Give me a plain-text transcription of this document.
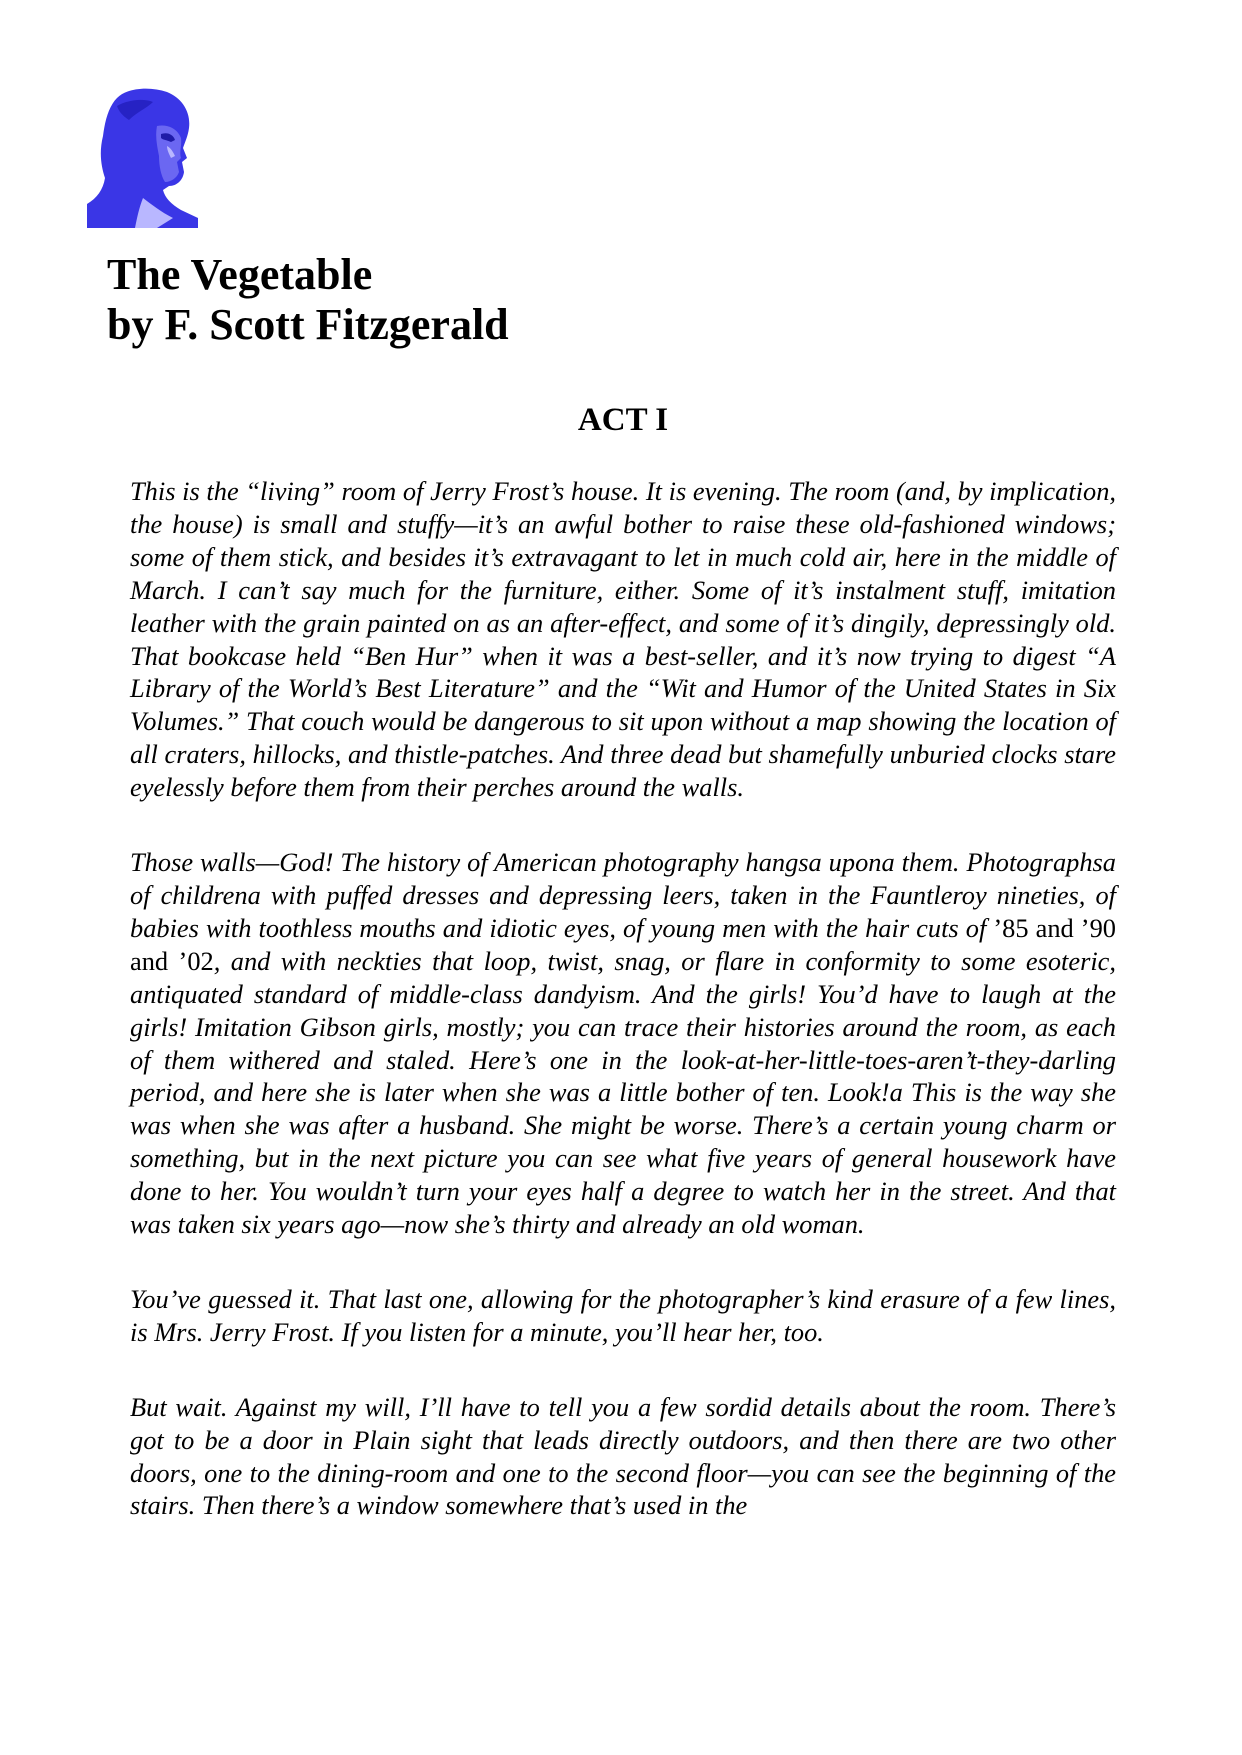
The Vegetable
by F. Scott Fitzgerald
ACT I

This is the “living” room of Jerry Frost’s house. It is evening. The room (and, by implication, the house) is small and stuffy—it’s an awful bother to raise these old-fashioned windows; some of them stick, and besides it’s extravagant to let in much cold air, here in the middle of March. I can’t say much for the furniture, either. Some of it’s instalment stuff, imitation leather with the grain painted on as an after-effect, and some of it’s dingily, depressingly old. That bookcase held “Ben Hur” when it was a best-seller, and it’s now trying to digest “A Library of the World’s Best Literature” and the “Wit and Humor of the United States in Six Volumes.” That couch would be dangerous to sit upon without a map showing the location of all craters, hillocks, and thistle-patches. And three dead but shamefully unburied clocks stare eyelessly before them from their perches around the walls.

Those walls—God! The history of American photography hangsa upona them. Photographsa of childrena with puffed dresses and depressing leers, taken in the Fauntleroy nineties, of babies with toothless mouths and idiotic eyes, of young men with the hair cuts of ’85 and ’90 and ’02, and with neckties that loop, twist, snag, or flare in conformity to some esoteric, antiquated standard of middle-class dandyism. And the girls! You’d have to laugh at the girls! Imitation Gibson girls, mostly; you can trace their histories around the room, as each of them withered and staled. Here’s one in the look-at-her-little-toes-aren’t-they-darling period, and here she is later when she was a little bother of ten. Look!a This is the way she was when she was after a husband. She might be worse. There’s a certain young charm or something, but in the next picture you can see what five years of general housework have done to her. You wouldn’t turn your eyes half a degree to watch her in the street. And that was taken six years ago—now she’s thirty and already an old woman.

You’ve guessed it. That last one, allowing for the photographer’s kind erasure of a few lines, is Mrs. Jerry Frost. If you listen for a minute, you’ll hear her, too.

But wait. Against my will, I’ll have to tell you a few sordid details about the room. There’s got to be a door in Plain sight that leads directly outdoors, and then there are two other doors, one to the dining-room and one to the second floor—you can see the beginning of the stairs. Then there’s a window somewhere that’s used in the
